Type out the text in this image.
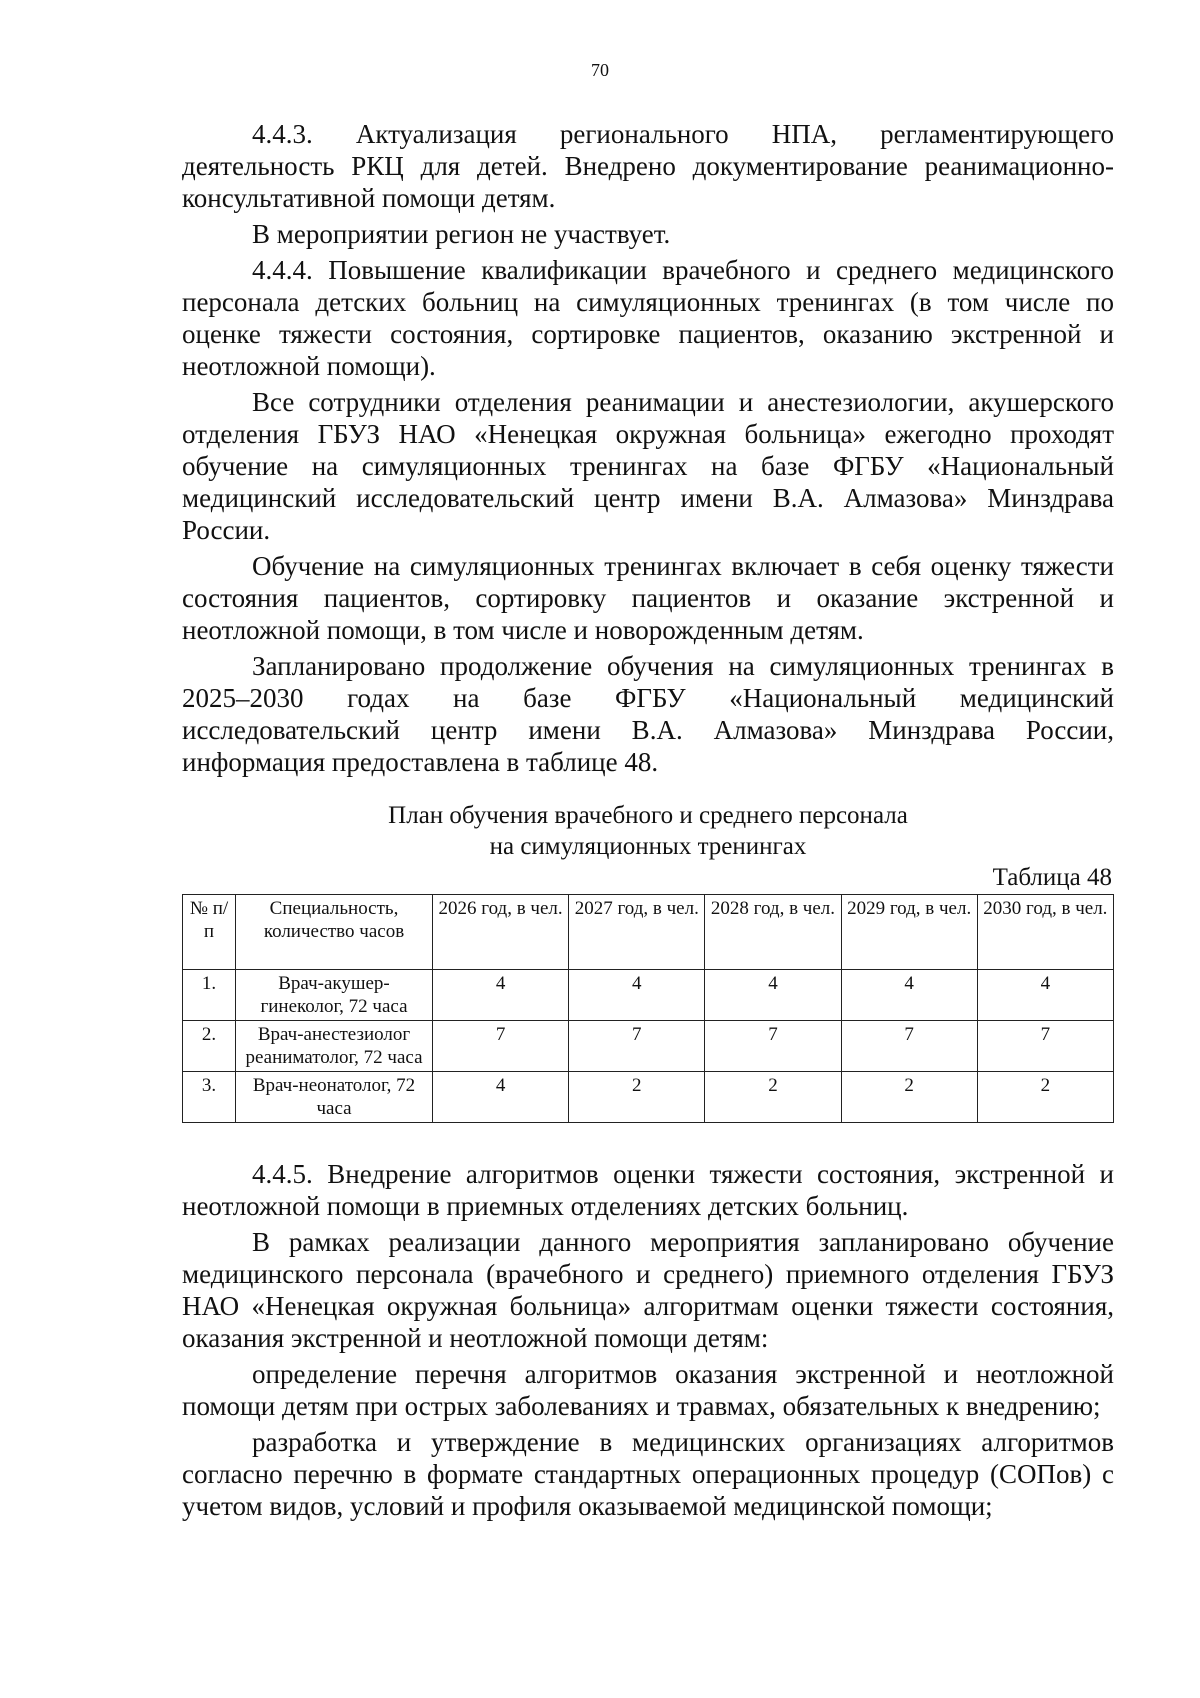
70

4.4.3. Актуализация регионального НПА, регламентирующего деятельность РКЦ для детей. Внедрено документирование реанимационно-консультативной помощи детям.

В мероприятии регион не участвует.

4.4.4. Повышение квалификации врачебного и среднего медицинского персонала детских больниц на симуляционных тренингах (в том числе по оценке тяжести состояния, сортировке пациентов, оказанию экстренной и неотложной помощи).

Все сотрудники отделения реанимации и анестезиологии, акушерского отделения ГБУЗ НАО «Ненецкая окружная больница» ежегодно проходят обучение на симуляционных тренингах на базе ФГБУ «Национальный медицинский исследовательский центр имени В.А. Алмазова» Минздрава России.

Обучение на симуляционных тренингах включает в себя оценку тяжести состояния пациентов, сортировку пациентов и оказание экстренной и неотложной помощи, в том числе и новорожденным детям.

Запланировано продолжение обучения на симуляционных тренингах в 2025–2030 годах на базе ФГБУ «Национальный медицинский исследовательский центр имени В.А. Алмазова» Минздрава России, информация предоставлена в таблице 48.

План обучения врачебного и среднего персонала
на симуляционных тренингах
Таблица 48
№ п/п	Специальность, количество часов	2026 год, в чел.	2027 год, в чел.	2028 год, в чел.	2029 год, в чел.	2030 год, в чел.
1.	Врач-акушер-гинеколог, 72 часа	4	4	4	4	4
2.	Врач-анестезиолог реаниматолог, 72 часа	7	7	7	7	7
3.	Врач-неонатолог, 72 часа	4	2	2	2	2

4.4.5. Внедрение алгоритмов оценки тяжести состояния, экстренной и неотложной помощи в приемных отделениях детских больниц.

В рамках реализации данного мероприятия запланировано обучение медицинского персонала (врачебного и среднего) приемного отделения ГБУЗ НАО «Ненецкая окружная больница» алгоритмам оценки тяжести состояния, оказания экстренной и неотложной помощи детям:

определение перечня алгоритмов оказания экстренной и неотложной помощи детям при острых заболеваниях и травмах, обязательных к внедрению;

разработка и утверждение в медицинских организациях алгоритмов согласно перечню в формате стандартных операционных процедур (СОПов) с учетом видов, условий и профиля оказываемой медицинской помощи;
